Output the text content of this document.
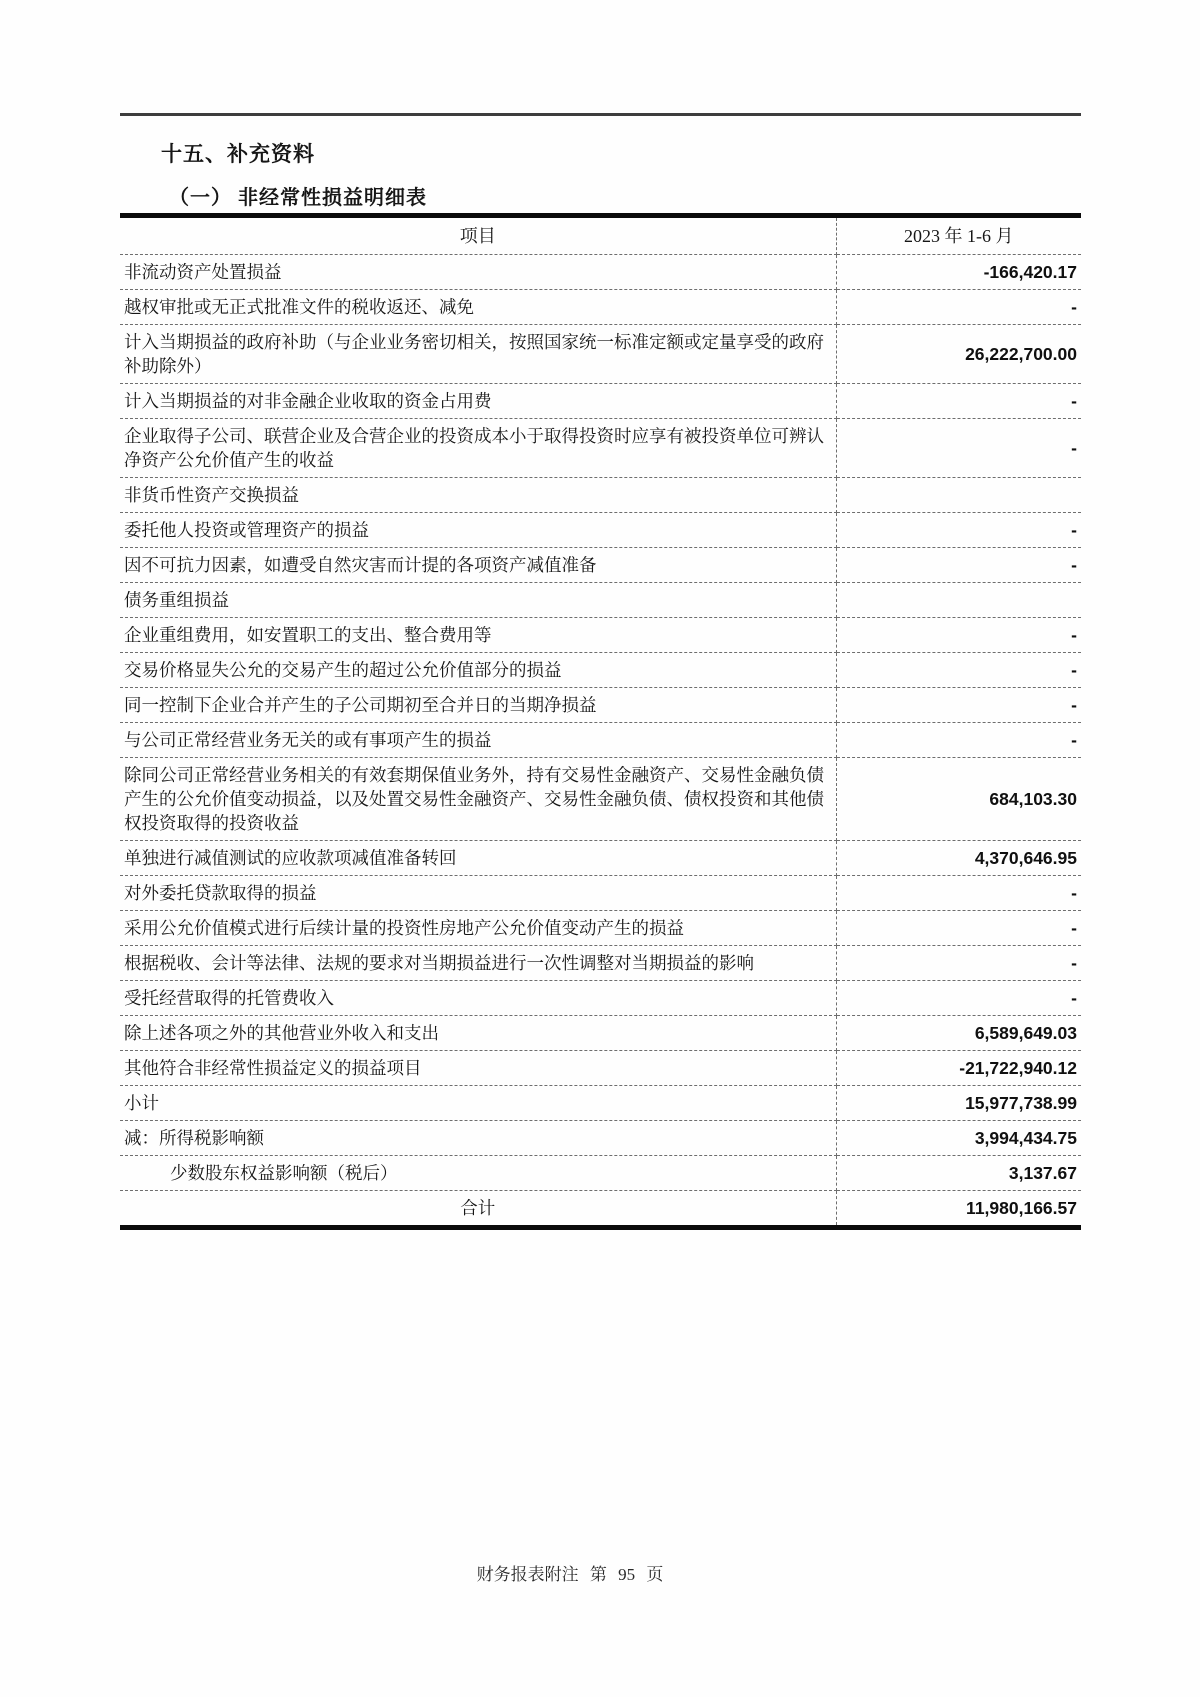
十五、补充资料
（一） 非经常性损益明细表
项目	2023 年 1-6 月
非流动资产处置损益	-166,420.17
越权审批或无正式批准文件的税收返还、减免	-
计入当期损益的政府补助（与企业业务密切相关，按照国家统一标准定额或定量享受的政府补助除外）	26,222,700.00
计入当期损益的对非金融企业收取的资金占用费	-
企业取得子公司、联营企业及合营企业的投资成本小于取得投资时应享有被投资单位可辨认净资产公允价值产生的收益	-
非货币性资产交换损益	
委托他人投资或管理资产的损益	-
因不可抗力因素，如遭受自然灾害而计提的各项资产减值准备	-
债务重组损益	
企业重组费用，如安置职工的支出、整合费用等	-
交易价格显失公允的交易产生的超过公允价值部分的损益	-
同一控制下企业合并产生的子公司期初至合并日的当期净损益	-
与公司正常经营业务无关的或有事项产生的损益	-
除同公司正常经营业务相关的有效套期保值业务外，持有交易性金融资产、交易性金融负债产生的公允价值变动损益，以及处置交易性金融资产、交易性金融负债、债权投资和其他债权投资取得的投资收益	684,103.30
单独进行减值测试的应收款项减值准备转回	4,370,646.95
对外委托贷款取得的损益	-
采用公允价值模式进行后续计量的投资性房地产公允价值变动产生的损益	-
根据税收、会计等法律、法规的要求对当期损益进行一次性调整对当期损益的影响	-
受托经营取得的托管费收入	-
除上述各项之外的其他营业外收入和支出	6,589,649.03
其他符合非经常性损益定义的损益项目	-21,722,940.12
小计	15,977,738.99
减：所得税影响额	3,994,434.75
少数股东权益影响额（税后）	3,137.67
合计	11,980,166.57
财务报表附注 第 95 页
